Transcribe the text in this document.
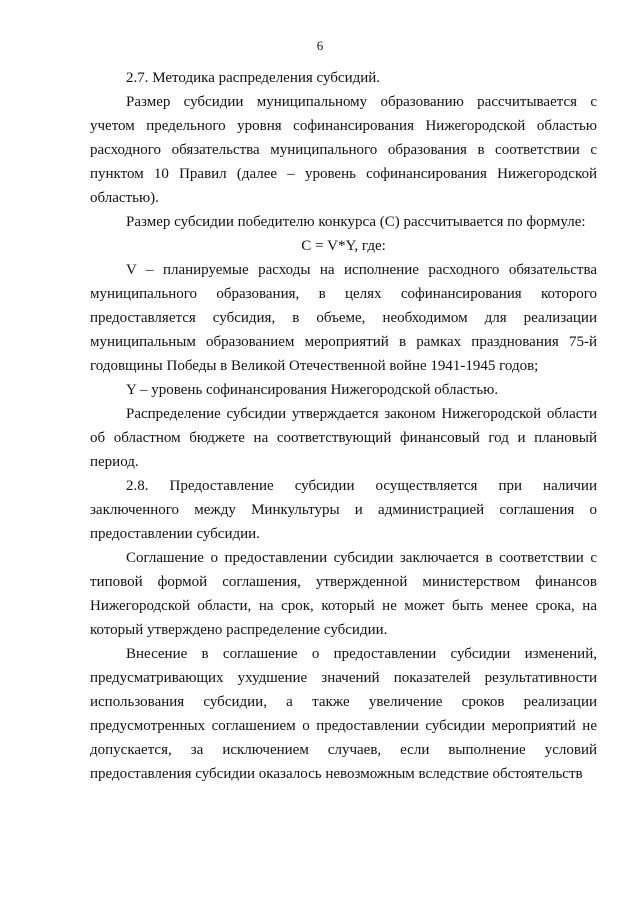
6

2.7. Методика распределения субсидий.

Размер субсидии муниципальному образованию рассчитывается с учетом предельного уровня софинансирования Нижегородской областью расходного обязательства муниципального образования в соответствии с пунктом 10 Правил (далее – уровень софинансирования Нижегородской областью).

Размер субсидии победителю конкурса (С) рассчитывается по формуле:

С = V*Y, где:

V – планируемые расходы на исполнение расходного обязательства муниципального образования, в целях софинансирования которого предоставляется субсидия, в объеме, необходимом для реализации муниципальным образованием мероприятий в рамках празднования 75-й годовщины Победы в Великой Отечественной войне 1941-1945 годов;

Y – уровень софинансирования Нижегородской областью.

Распределение субсидии утверждается законом Нижегородской области об областном бюджете на соответствующий финансовый год и плановый период.

2.8. Предоставление субсидии осуществляется при наличии заключенного между Минкультуры и администрацией соглашения о предоставлении субсидии.

Соглашение о предоставлении субсидии заключается в соответствии с типовой формой соглашения, утвержденной министерством финансов Нижегородской области, на срок, который не может быть менее срока, на который утверждено распределение субсидии.

Внесение в соглашение о предоставлении субсидии изменений, предусматривающих ухудшение значений показателей результативности использования субсидии, а также увеличение сроков реализации предусмотренных соглашением о предоставлении субсидии мероприятий не допускается, за исключением случаев, если выполнение условий предоставления субсидии оказалось невозможным вследствие обстоятельств
